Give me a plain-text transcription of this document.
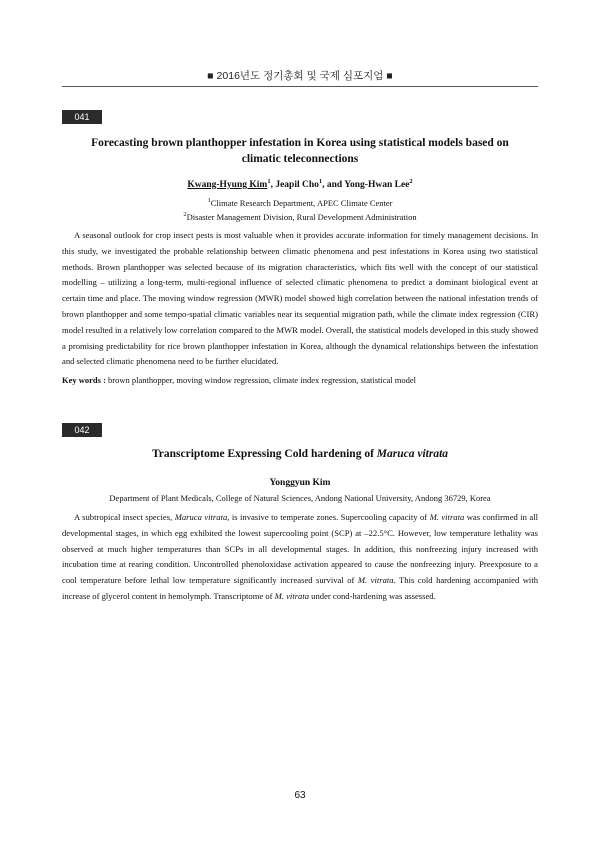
■ 2016년도 정기총회 및 국제 심포지엄 ■
041
Forecasting brown planthopper infestation in Korea using statistical models based on climatic teleconnections
Kwang-Hyung Kim$^1$, Jeapil Cho$^1$, and Yong-Hwan Lee$^2$
$^1$Climate Research Department, APEC Climate Center
$^2$Disaster Management Division, Rural Development Administration

A seasonal outlook for crop insect pests is most valuable when it provides accurate information for timely management decisions. In this study, we investigated the probable relationship between climatic phenomena and pest infestations in Korea using two statistical methods. Brown planthopper was selected because of its migration characteristics, which fits well with the concept of our statistical modelling – utilizing a long-term, multi-regional influence of selected climatic phenomena to predict a dominant biological event at certain time and place. The moving window regression (MWR) model showed high correlation between the national infestation trends of brown planthopper and some tempo-spatial climatic variables near its sequential migration path, while the climate index regression (CIR) model resulted in a relatively low correlation compared to the MWR model. Overall, the statistical models developed in this study showed a promising predictability for rice brown planthopper infestation in Korea, although the dynamical relationships between the infestation and selected climatic phenomena need to be further elucidated.

Key words : brown planthopper, moving window regression, climate index regression, statistical model
042
Transcriptome Expressing Cold hardening of Maruca vitrata
Yonggyun Kim
Department of Plant Medicals, College of Natural Sciences, Andong National University, Andong 36729, Korea

A subtropical insect species, Maruca vitrata, is invasive to temperate zones. Supercooling capacity of M. vitrata was confirmed in all developmental stages, in which egg exhibited the lowest supercooling point (SCP) at –22.5°C. However, low temperature lethality was observed at much higher temperatures than SCPs in all developmental stages. In addition, this nonfreezing injury increased with incubation time at rearing condition. Uncontrolled phenoloxidase activation appeared to cause the nonfreezing injury. Preexposure to a cool temperature before lethal low temperature significantly increased survival of M. vitrata. This cold hardening accompanied with increase of glycerol content in hemolymph. Transcriptome of M. vitrata under cond-hardening was assessed.

63
